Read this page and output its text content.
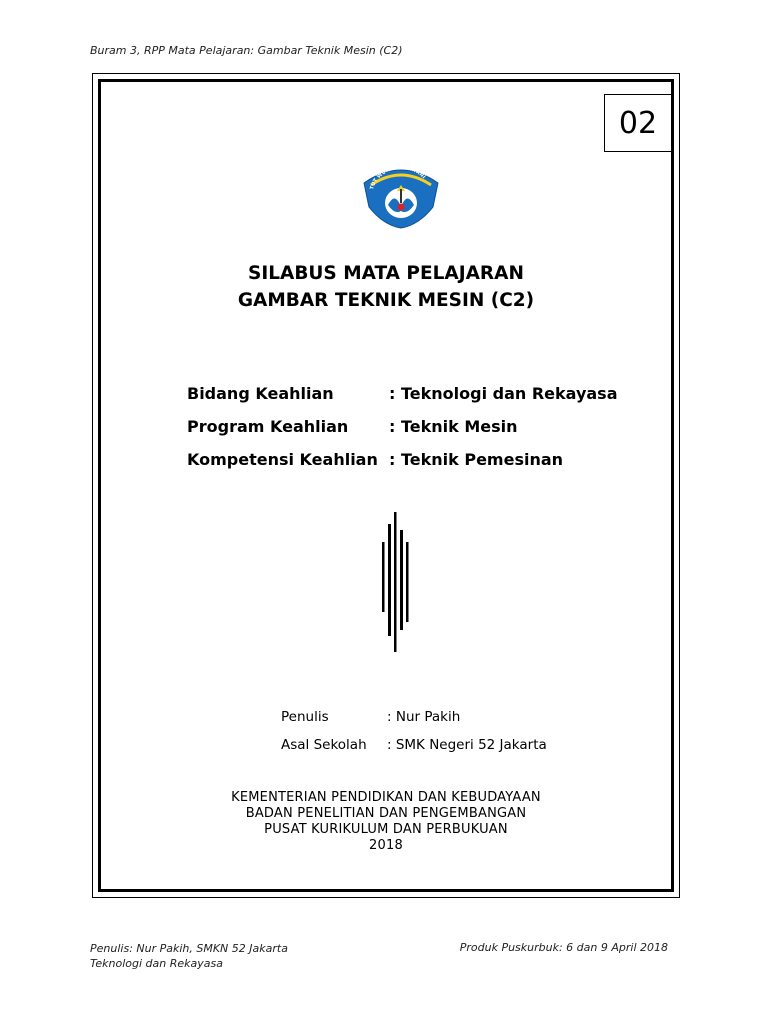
Buram 3, RPP Mata Pelajaran: Gambar Teknik Mesin (C2)
02
TUT WURI HANDAYANI
SILABUS MATA PELAJARAN
GAMBAR TEKNIK MESIN (C2)
Bidang Keahlian	: Teknologi dan Rekayasa
Program Keahlian	: Teknik Mesin
Kompetensi Keahlian : Teknik Pemesinan
Penulis	: Nur Pakih
Asal Sekolah	: SMK Negeri 52 Jakarta
KEMENTERIAN PENDIDIKAN DAN KEBUDAYAAN
BADAN PENELITIAN DAN PENGEMBANGAN
PUSAT KURIKULUM DAN PERBUKUAN
2018
Penulis: Nur Pakih, SMKN 52 Jakarta
Teknologi dan Rekayasa
Produk Puskurbuk: 6 dan 9 April 2018
